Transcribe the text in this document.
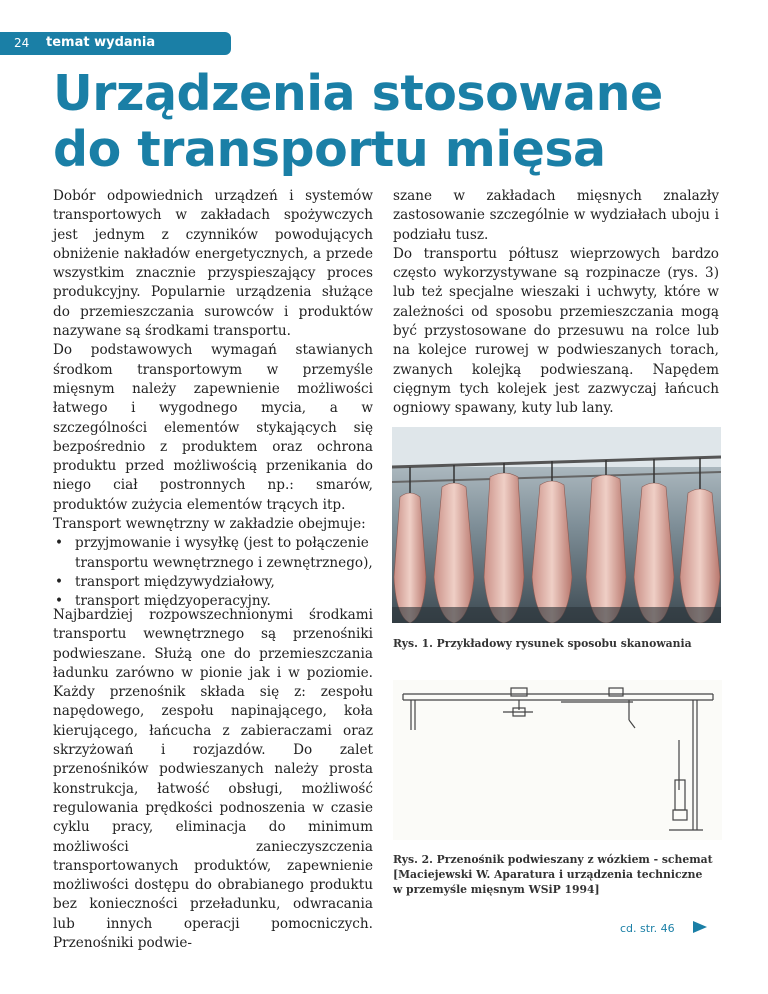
24 temat wydania
Urządzenia stosowane do transportu mięsa

Dobór odpowiednich urządzeń i systemów transportowych w zakładach spożywczych jest jednym z czynników powodujących obniżenie nakładów energetycznych, a przede wszystkim znacznie przyspieszający proces produkcyjny. Popularnie urządzenia służące do przemieszczania surowców i produktów nazywane są środkami transportu.

Do podstawowych wymagań stawianych środkom transportowym w przemyśle mięsnym należy zapewnienie możliwości łatwego i wygodnego mycia, a w szczególności elementów stykających się bezpośrednio z produktem oraz ochrona produktu przed możliwością przenikania do niego ciał postronnych np.: smarów, produktów zużycia elementów trących itp.

Transport wewnętrzny w zakładzie obejmuje:

• przyjmowanie i wysyłkę (jest to połączenie transportu wewnętrznego i zewnętrznego),
• transport międzywydziałowy,
• transport międzyoperacyjny.

Najbardziej rozpowszechnionymi środkami transportu wewnętrznego są przenośniki podwieszane. Służą one do przemieszczania ładunku zarówno w pionie jak i w poziomie. Każdy przenośnik składa się z: zespołu napędowego, zespołu napinającego, koła kierującego, łańcucha z zabieraczami oraz skrzyżowań i rozjazdów. Do zalet przenośników podwieszanych należy prosta konstrukcja, łatwość obsługi, możliwość regulowania prędkości podnoszenia w czasie cyklu pracy, eliminacja do minimum możliwości zanieczyszczenia transportowanych produktów, zapewnienie możliwości dostępu do obrabianego produktu bez konieczności przeładunku, odwracania lub innych operacji pomocniczych. Przenośniki podwie-

szane w zakładach mięsnych znalazły zastosowanie szczególnie w wydziałach uboju i podziału tusz.

Do transportu półtusz wieprzowych bardzo często wykorzystywane są rozpinacze (rys. 3) lub też specjalne wieszaki i uchwyty, które w zależności od sposobu przemieszczania mogą być przystosowane do przesuwu na rolce lub na kolejce rurowej w podwieszanych torach, zwanych kolejką podwieszaną. Napędem cięgnym tych kolejek jest zazwyczaj łańcuch ogniowy spawany, kuty lub lany.

Rys. 1. Przykładowy rysunek sposobu skanowania
Rys. 2. Przenośnik podwieszany z wózkiem - schemat
[Maciejewski W. Aparatura i urządzenia techniczne
w przemyśle mięsnym WSiP 1994]
cd. str. 46
